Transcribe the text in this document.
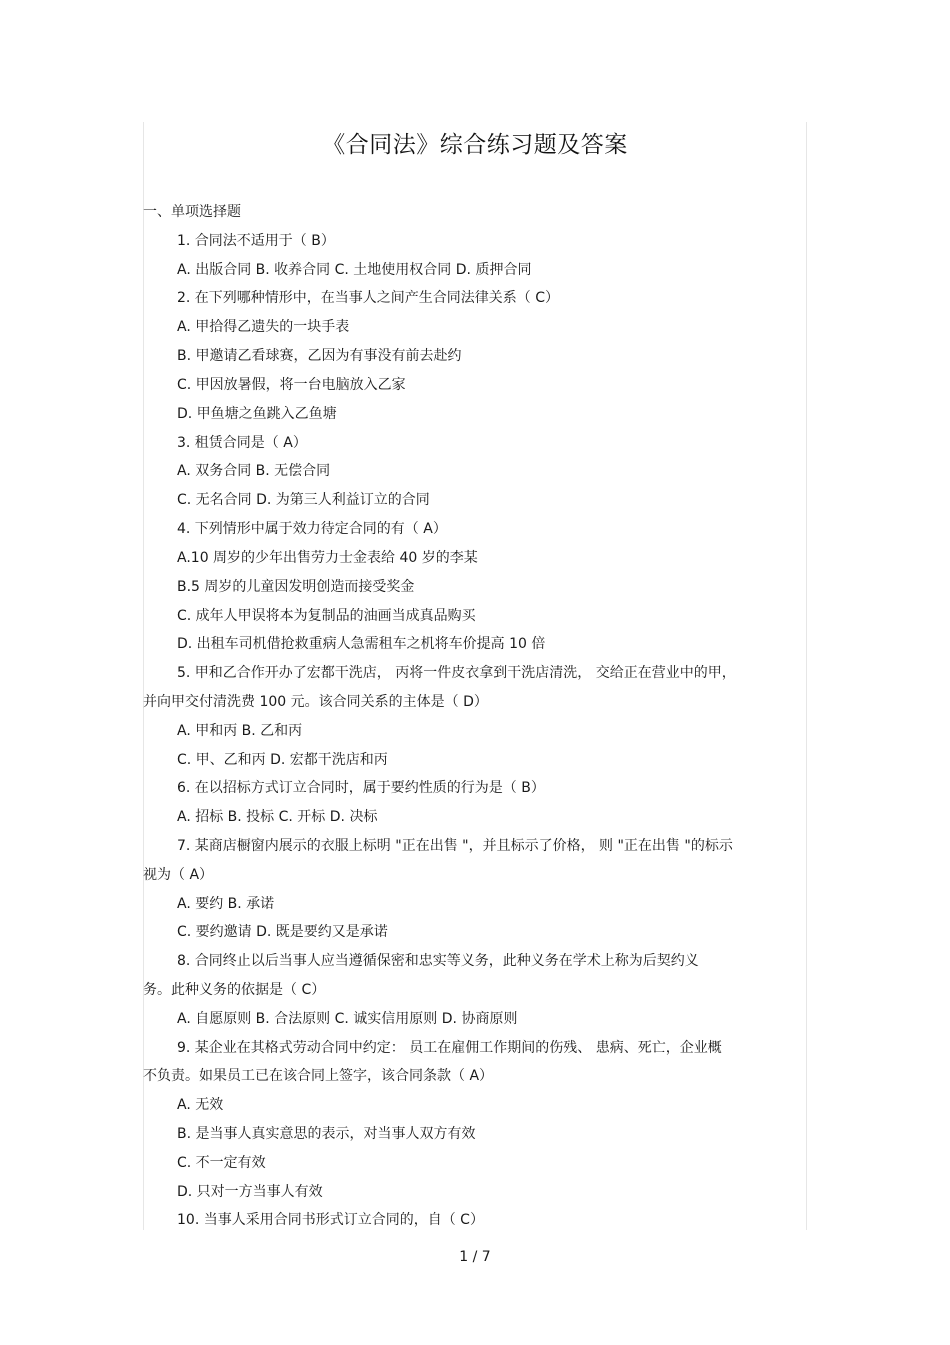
《合同法》综合练习题及答案
一、单项选择题
1. 合同法不适用于（ B）
A. 出版合同 B. 收养合同 C. 土地使用权合同 D. 质押合同
2. 在下列哪种情形中，在当事人之间产生合同法律关系（ C）
A. 甲拾得乙遗失的一块手表
B. 甲邀请乙看球赛，乙因为有事没有前去赴约
C. 甲因放暑假，将一台电脑放入乙家
D. 甲鱼塘之鱼跳入乙鱼塘
3. 租赁合同是（ A）
A. 双务合同 B. 无偿合同
C. 无名合同 D. 为第三人利益订立的合同
4. 下列情形中属于效力待定合同的有（ A）
A.10 周岁的少年出售劳力士金表给 40 岁的李某
B.5 周岁的儿童因发明创造而接受奖金
C. 成年人甲误将本为复制品的油画当成真品购买
D. 出租车司机借抢救重病人急需租车之机将车价提高 10 倍
5. 甲和乙合作开办了宏都干洗店， 丙将一件皮衣拿到干洗店清洗， 交给正在营业中的甲，
并向甲交付清洗费 100 元。该合同关系的主体是（ D）
A. 甲和丙 B. 乙和丙
C. 甲、乙和丙 D. 宏都干洗店和丙
6. 在以招标方式订立合同时，属于要约性质的行为是（ B）
A. 招标 B. 投标 C. 开标 D. 决标
7. 某商店橱窗内展示的衣服上标明 "正在出售 "，并且标示了价格， 则 "正在出售 "的标示
视为（ A）
A. 要约 B. 承诺
C. 要约邀请 D. 既是要约又是承诺
8. 合同终止以后当事人应当遵循保密和忠实等义务，此种义务在学术上称为后契约义
务。此种义务的依据是（ C）
A. 自愿原则 B. 合法原则 C. 诚实信用原则 D. 协商原则
9. 某企业在其格式劳动合同中约定： 员工在雇佣工作期间的伤残、 患病、死亡，企业概
不负责。如果员工已在该合同上签字，该合同条款（ A）
A. 无效
B. 是当事人真实意思的表示，对当事人双方有效
C. 不一定有效
D. 只对一方当事人有效
10. 当事人采用合同书形式订立合同的，自（ C）
1 / 7
